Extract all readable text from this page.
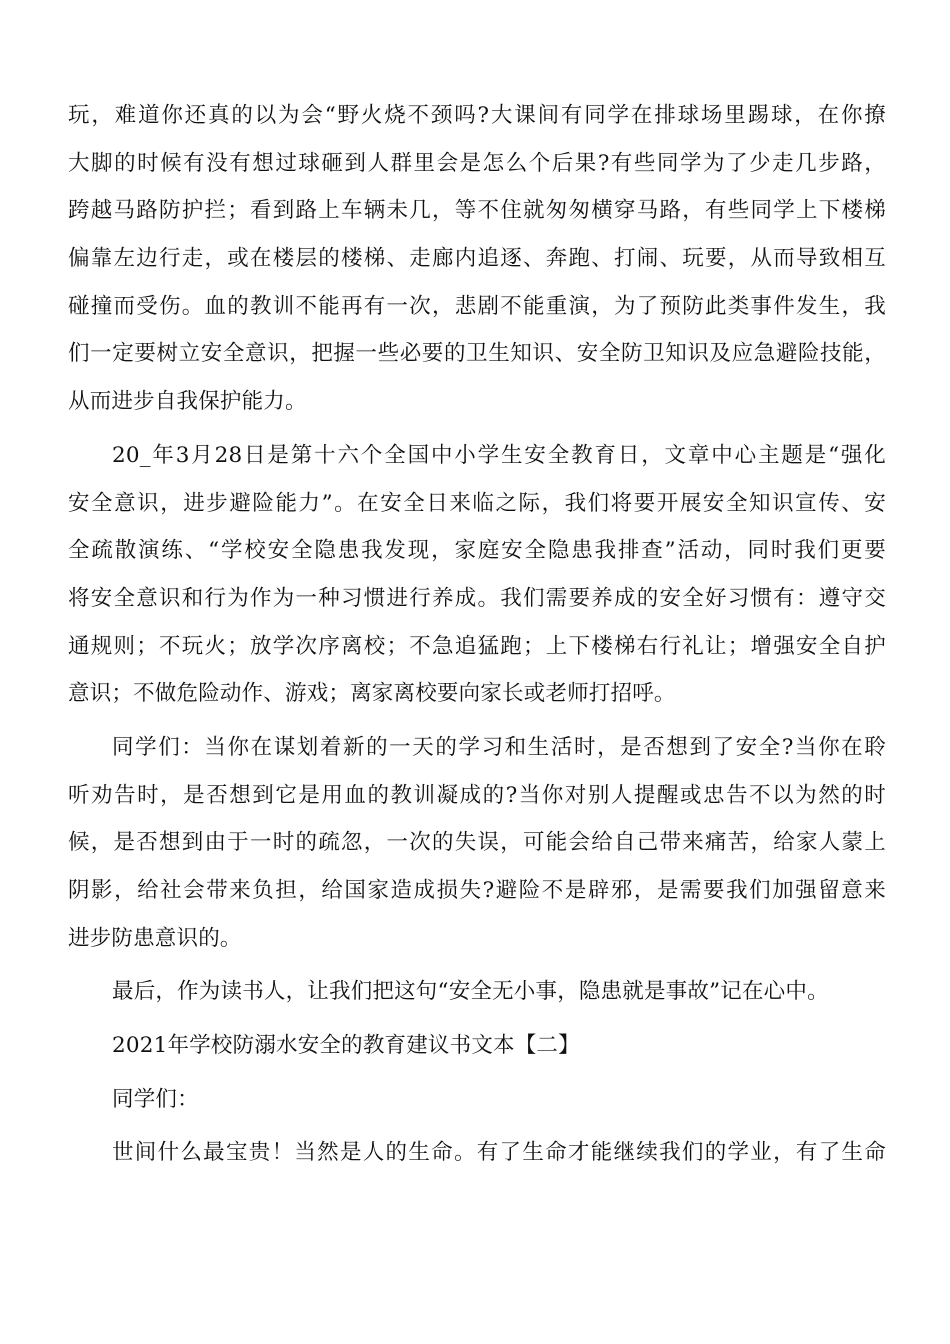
玩，难道你还真的以为会“野火烧不颈吗?大课间有同学在排球场里踢球，在你撩
大脚的时候有没有想过球砸到人群里会是怎么个后果?有些同学为了少走几步路，
跨越马路防护拦；看到路上车辆未几，等不住就匆匆横穿马路，有些同学上下楼梯
偏靠左边行走，或在楼层的楼梯、走廊内追逐、奔跑、打闹、玩要，从而导致相互
碰撞而受伤。血的教训不能再有一次，悲剧不能重演，为了预防此类事件发生，我
们一定要树立安全意识，把握一些必要的卫生知识、安全防卫知识及应急避险技能，
从而进步自我保护能力。
20_年3月28日是第十六个全国中小学生安全教育日，文章中心主题是“强化
安全意识，进步避险能力”。在安全日来临之际，我们将要开展安全知识宣传、安
全疏散演练、“学校安全隐患我发现，家庭安全隐患我排查”活动，同时我们更要
将安全意识和行为作为一种习惯进行养成。我们需要养成的安全好习惯有：遵守交
通规则；不玩火；放学次序离校；不急追猛跑；上下楼梯右行礼让；增强安全自护
意识；不做危险动作、游戏；离家离校要向家长或老师打招呼。
同学们：当你在谋划着新的一天的学习和生活时，是否想到了安全?当你在聆
听劝告时，是否想到它是用血的教训凝成的?当你对别人提醒或忠告不以为然的时
候，是否想到由于一时的疏忽，一次的失误，可能会给自己带来痛苦，给家人蒙上
阴影，给社会带来负担，给国家造成损失?避险不是辟邪，是需要我们加强留意来
进步防患意识的。
最后，作为读书人，让我们把这句“安全无小事，隐患就是事故”记在心中。
2021年学校防溺水安全的教育建议书文本【二】
同学们：
世间什么最宝贵！当然是人的生命。有了生命才能继续我们的学业，有了生命
